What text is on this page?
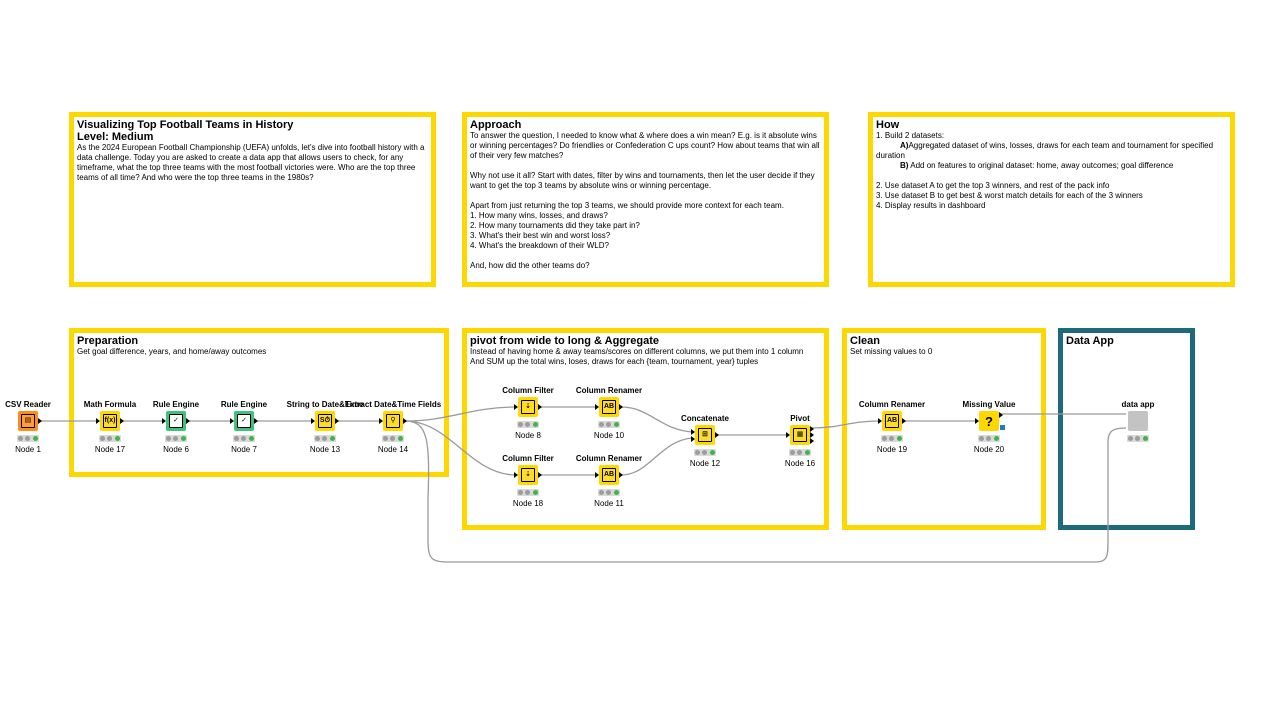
Visualizing Top Football Teams in History
Level: Medium
As the 2024 European Football Championship (UEFA) unfolds, let's dive into football history with a data challenge. Today you are asked to create a data app that allows users to check, for any timeframe, what the top three teams with the most football victories were. Who are the top three teams of all time? And who were the top three teams in the 1980s?
Approach
To answer the question, I needed to know what & where does a win mean? E.g. is it absolute wins or winning percentages? Do friendlies or Confederation C ups count? How about teams that win all of their very few matches?

Why not use it all? Start with dates, filter by wins and tournaments, then let the user decide if they want to get the top 3 teams by absolute wins or winning percentage.

Apart from just returning the top 3 teams, we should provide more context for each team.
1. How many wins, losses, and draws?
2. How many tournaments did they take part in?
3. What's their best win and worst loss?
4. What's the breakdown of their WLD?

And, how did the other teams do?
How
1. Build 2 datasets:
A)Aggregated dataset of wins, losses, draws for each team and tournament for specified duration
B) Add on features to original dataset: home, away outcomes; goal difference
2. Use dataset A to get the top 3 winners, and rest of the pack info
3. Use dataset B to get best & worst match details for each of the 3 winners
4. Display results in dashboard
Preparation
Get goal difference, years, and home/away outcomes
pivot from wide to long & Aggregate
Instead of having home & away teams/scores on different columns, we put them into 1 column
And SUM up the total wins, loses, draws for each {team, tournament, year} tuples
Clean
Set missing values to 0
Data App
CSV Reader
▤
Node 1
Math Formula
f(x)
Node 17
Rule Engine
✓
Node 6
Rule Engine
✓
Node 7
String to Date&Time
S⏱
Node 13
Extract Date&Time Fields
⚲
Node 14
Column Filter
⇣
Node 8
Column Renamer
AB
Node 10
Column Filter
⇣
Node 18
Column Renamer
AB
Node 11
Concatenate
⊞
Node 12
Pivot
▦
Node 16
Column Renamer
AB
Node 19
Missing Value
?
Node 20
data app
